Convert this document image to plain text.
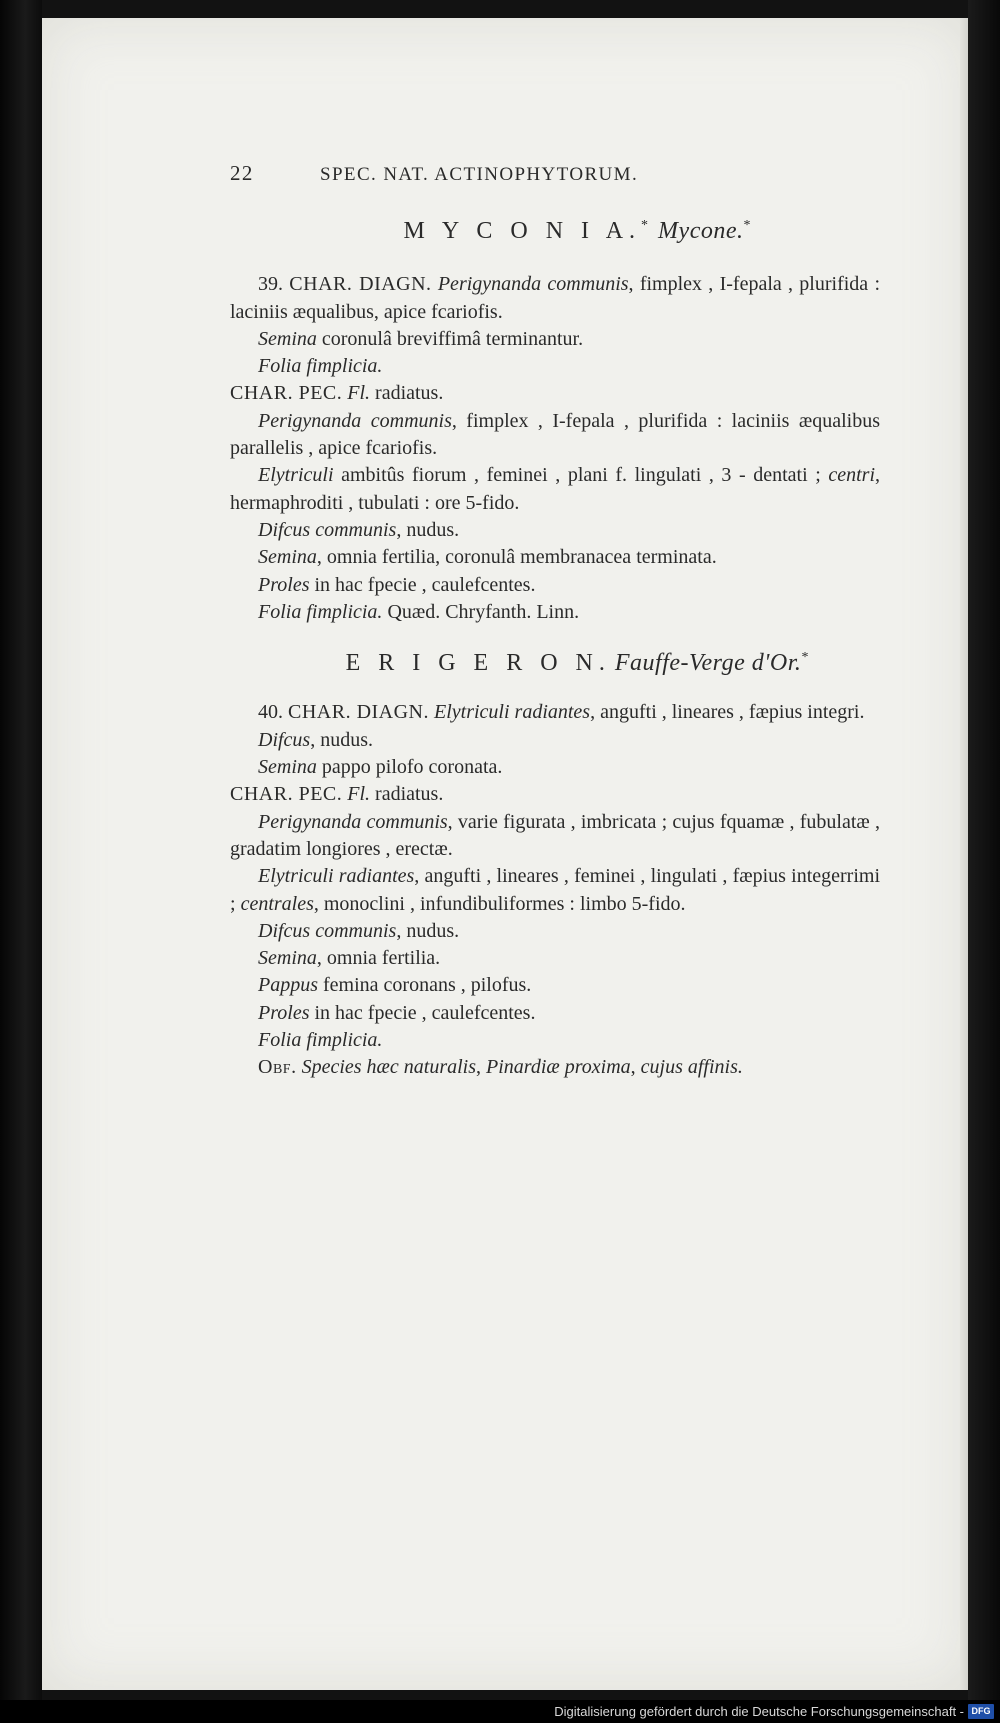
22	SPEC. NAT. ACTINOPHYTORUM.
M Y C O N I A.* Mycone.*

39. CHAR. DIAGN. Perigynanda communis, fimplex , I-fepala , plurifida : laciniis æqualibus, apice fcariofis.

Semina coronulâ breviffimâ terminantur.

Folia fimplicia.

CHAR. PEC. Fl. radiatus.

Perigynanda communis, fimplex , I-fepala , plurifida : laciniis æqualibus parallelis , apice fcariofis.

Elytriculi ambitûs fiorum , feminei , plani f. lingulati , 3 - dentati ; centri, hermaphroditi , tubulati : ore 5-fido.

Difcus communis, nudus.

Semina, omnia fertilia, coronulâ membranacea terminata.

Proles in hac fpecie , caulefcentes.

Folia fimplicia. Quæd. Chryfanth. Linn.

E R I G E R O N. Fauffe-Verge d'Or.*

40. CHAR. DIAGN. Elytriculi radiantes, angufti , lineares , fæpius integri.

Difcus, nudus.

Semina pappo pilofo coronata.

CHAR. PEC. Fl. radiatus.

Perigynanda communis, varie figurata , imbricata ; cujus fquamæ , fubulatæ , gradatim longiores , erectæ.

Elytriculi radiantes, angufti , lineares , feminei , lingulati , fæpius integerrimi ; centrales, monoclini , infundibuliformes : limbo 5-fido.

Difcus communis, nudus.

Semina, omnia fertilia.

Pappus femina coronans , pilofus.

Proles in hac fpecie , caulefcentes.

Folia fimplicia.

Obf. Species hæc naturalis, Pinardiæ proxima, cujus affinis.

Digitalisierung gefördert durch die Deutsche Forschungsgemeinschaft - DFG
